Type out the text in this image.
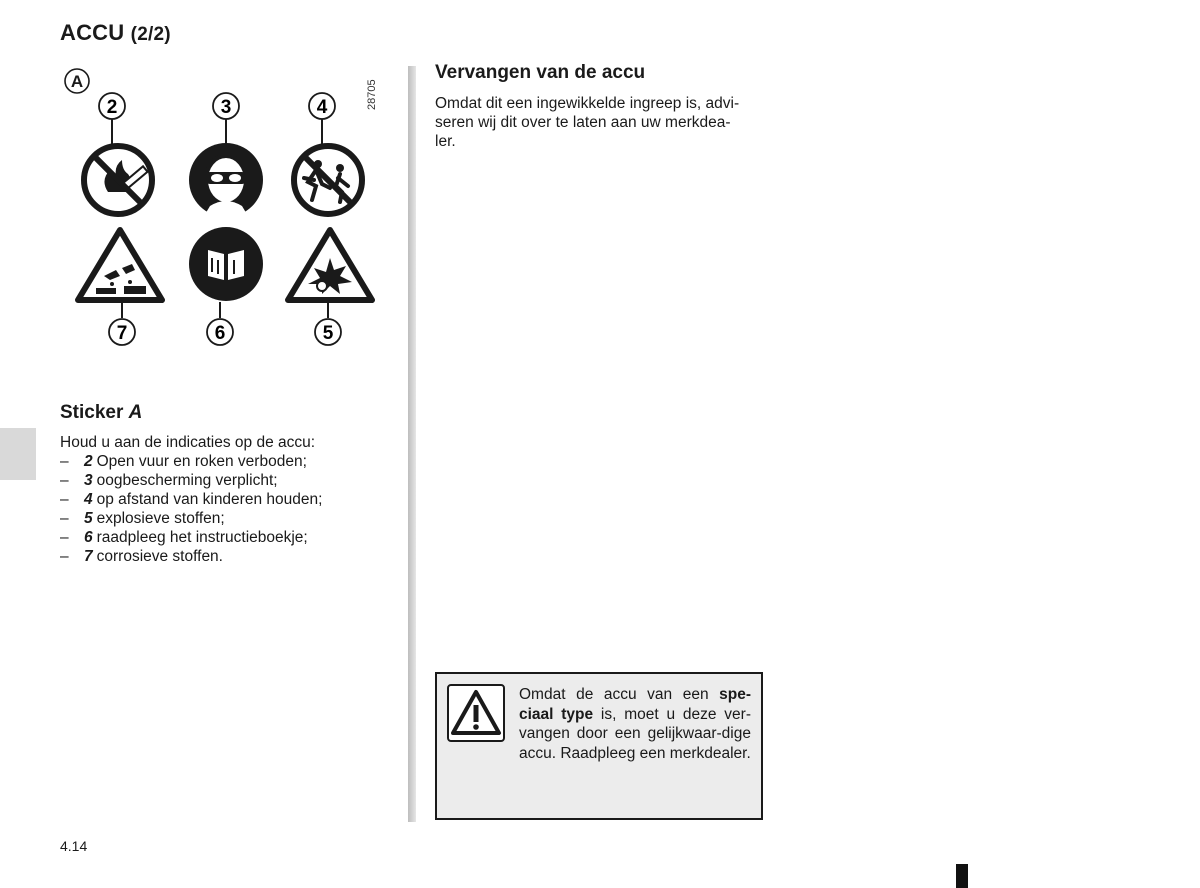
ACCU (2/2)
A
2	3	4
7	6	5
28705
Sticker A
Houd u aan de indicaties op de accu:
– 2 Open vuur en roken verboden;
– 3 oogbescherming verplicht;
– 4 op afstand van kinderen houden;
– 5 explosieve stoffen;
– 6 raadpleeg het instructieboekje;
– 7 corrosieve stoffen.
Vervangen van de accu
Omdat dit een ingewikkelde ingreep is, advi-
seren wij dit over te laten aan uw merkdea-
ler.
Omdat de accu van een spe-ciaal type is, moet u deze ver-vangen door een gelijkwaar-dige accu. Raadpleeg een merkdealer.
4.14
